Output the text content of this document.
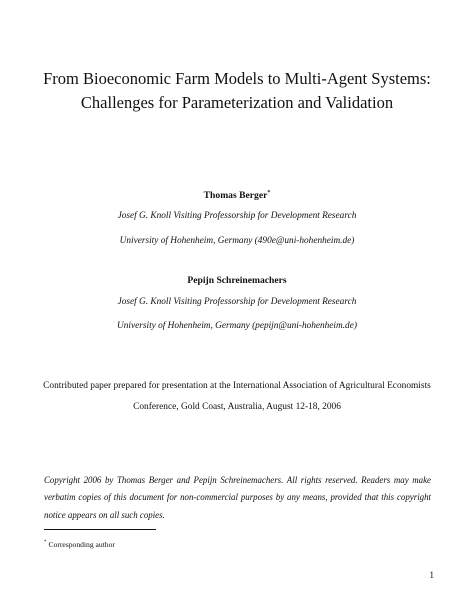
From Bioeconomic Farm Models to Multi-Agent Systems:
Challenges for Parameterization and Validation
Thomas Berger*
Josef G. Knoll Visiting Professorship for Development Research
University of Hohenheim, Germany (490e@uni-hohenheim.de)
Pepijn Schreinemachers
Josef G. Knoll Visiting Professorship for Development Research
University of Hohenheim, Germany (pepijn@uni-hohenheim.de)
Contributed paper prepared for presentation at the International Association of Agricultural Economists
Conference, Gold Coast, Australia, August 12-18, 2006

Copyright 2006 by Thomas Berger and Pepijn Schreinemachers. All rights reserved. Readers may make verbatim copies of this document for non-commercial purposes by any means, provided that this copyright notice appears on all such copies.

* Corresponding author
1
